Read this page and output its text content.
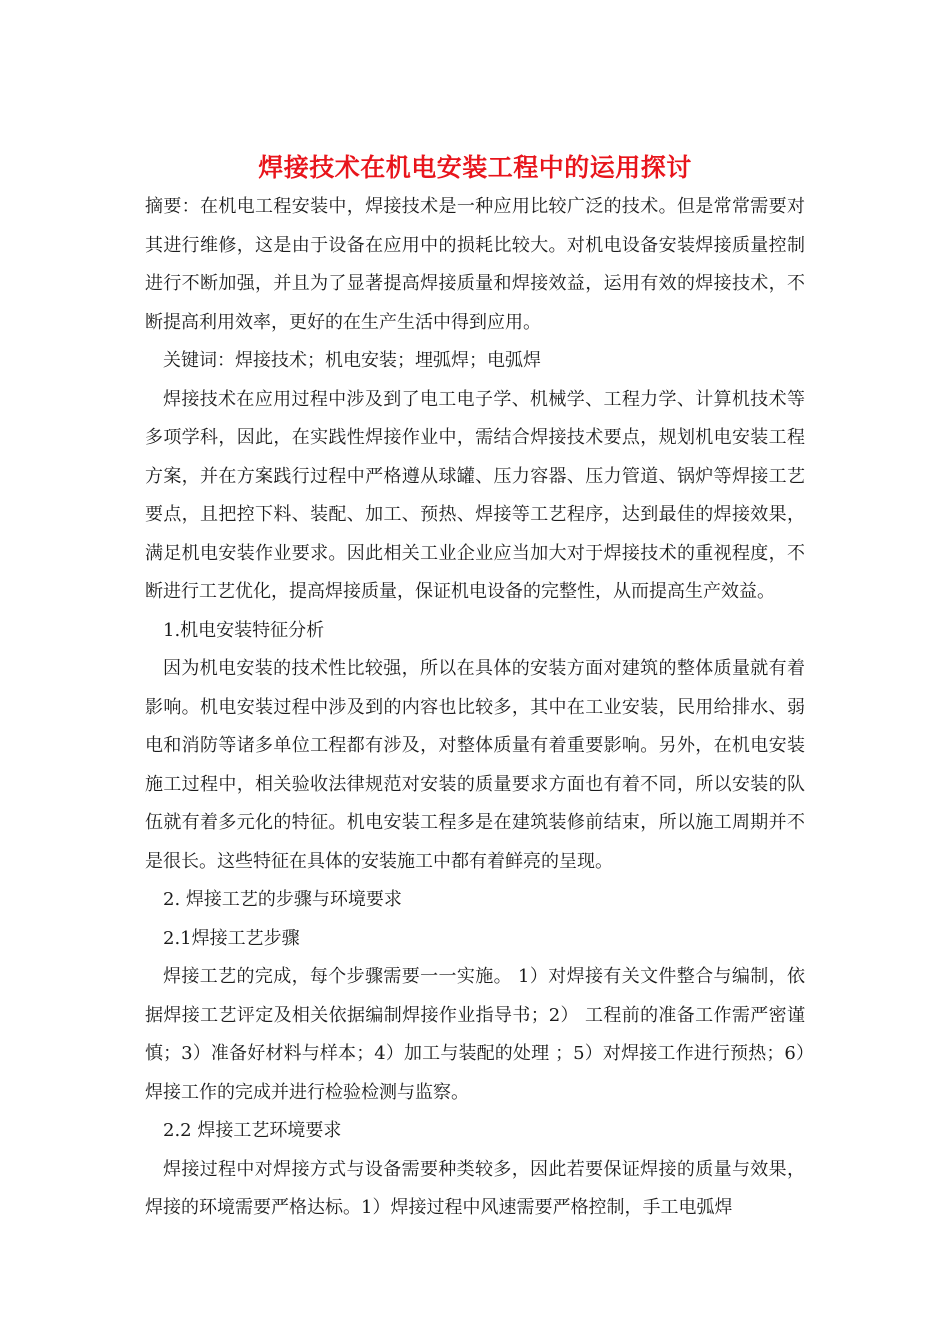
焊接技术在机电安装工程中的运用探讨

摘要：在机电工程安装中，焊接技术是一种应用比较广泛的技术。但是常常需要对其进行维修，这是由于设备在应用中的损耗比较大。对机电设备安装焊接质量控制进行不断加强，并且为了显著提高焊接质量和焊接效益，运用有效的焊接技术，不断提高利用效率，更好的在生产生活中得到应用。

关键词：焊接技术；机电安装；埋弧焊；电弧焊

焊接技术在应用过程中涉及到了电工电子学、机械学、工程力学、计算机技术等多项学科，因此，在实践性焊接作业中，需结合焊接技术要点，规划机电安装工程方案，并在方案践行过程中严格遵从球罐、压力容器、压力管道、锅炉等焊接工艺要点，且把控下料、装配、加工、预热、焊接等工艺程序，达到最佳的焊接效果，满足机电安装作业要求。因此相关工业企业应当加大对于焊接技术的重视程度，不断进行工艺优化，提高焊接质量，保证机电设备的完整性，从而提高生产效益。

1.机电安装特征分析

因为机电安装的技术性比较强，所以在具体的安装方面对建筑的整体质量就有着影响。机电安装过程中涉及到的内容也比较多，其中在工业安装，民用给排水、弱电和消防等诸多单位工程都有涉及，对整体质量有着重要影响。另外，在机电安装施工过程中，相关验收法律规范对安装的质量要求方面也有着不同，所以安装的队伍就有着多元化的特征。机电安装工程多是在建筑装修前结束，所以施工周期并不是很长。这些特征在具体的安装施工中都有着鲜亮的呈现。

2. 焊接工艺的步骤与环境要求

2.1焊接工艺步骤

焊接工艺的完成，每个步骤需要一一实施。 1）对焊接有关文件整合与编制，依据焊接工艺评定及相关依据编制焊接作业指导书；2） 工程前的准备工作需严密谨慎；3）准备好材料与样本；4）加工与装配的处理 ；5）对焊接工作进行预热；6）焊接工作的完成并进行检验检测与监察。

2.2 焊接工艺环境要求

焊接过程中对焊接方式与设备需要种类较多，因此若要保证焊接的质量与效果，焊接的环境需要严格达标。1）焊接过程中风速需要严格控制，手工电弧焊
